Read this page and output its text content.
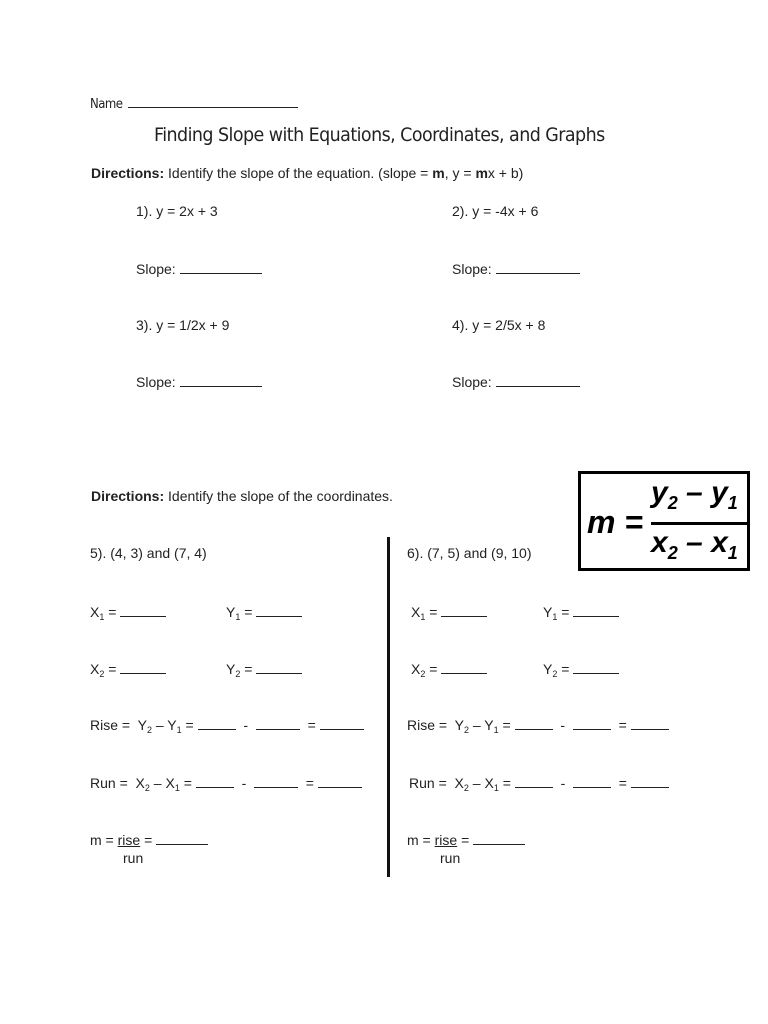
Name
Finding Slope with Equations, Coordinates, and Graphs
Directions: Identify the slope of the equation. (slope = m, y = mx + b)
1). y = 2x + 3	2). y = -4x + 6
Slope:	Slope:
3). y = 1/2x + 9	4). y = 2/5x + 8
Slope:	Slope:
Directions: Identify the slope of the coordinates.
m =
$y_2 - y_1$
$x_2 - x_1$
5). (4, 3) and (7, 4)
$X_1$ =	$Y_1$ =
$X_2$ =	$Y_2$ =
Rise = $Y_2 - Y_1$ =	-	=
Run = $X_2 - X_1$ =	-	=
m = rise =
run
6). (7, 5) and (9, 10)
$X_1$ =	$Y_1$ =
$X_2$ =	$Y_2$ =
Rise = $Y_2 - Y_1$ =	-	=
Run = $X_2 - X_1$ =	-	=
m = rise =
run
